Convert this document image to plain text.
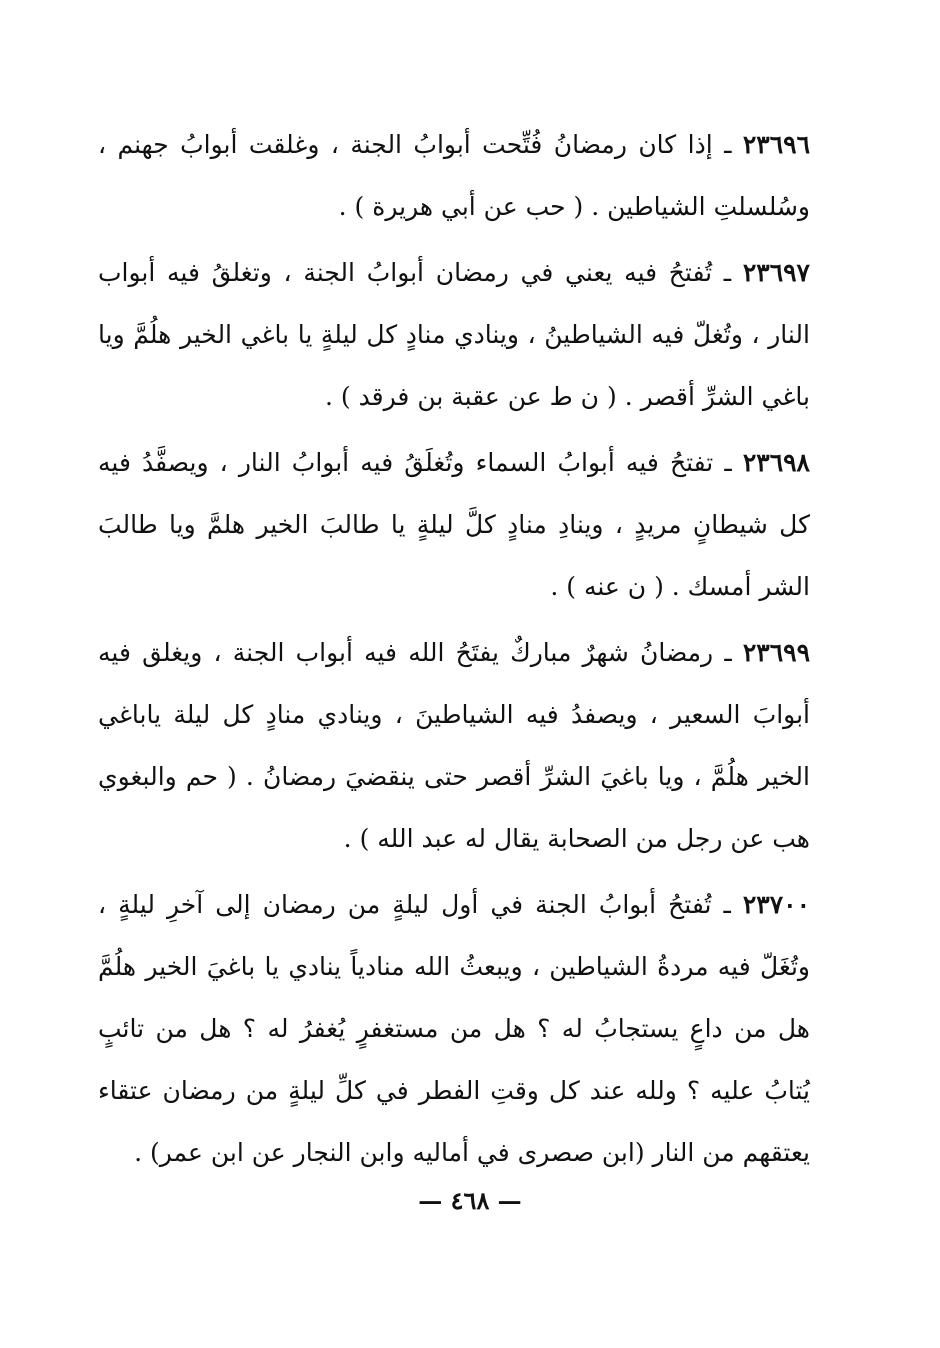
٢٣٦٩٦ ـ إذا كان رمضانُ فُتِّحت أبوابُ الجنة ، وغلقت أبوابُ جهنم ، وسُلسلتِ الشياطين . ( حب عن أبي هريرة ) .

٢٣٦٩٧ ـ تُفتحُ فيه يعني في رمضان أبوابُ الجنة ، وتغلقُ فيه أبواب النار ، وتُغلّ فيه الشياطينُ ، وينادي منادٍ كل ليلةٍ يا باغي الخير هلُمَّ ويا باغي الشرِّ أقصر . ( ن ط عن عقبة بن فرقد ) .

٢٣٦٩٨ ـ تفتحُ فيه أبوابُ السماء وتُغلَقُ فيه أبوابُ النار ، ويصفَّدُ فيه كل شيطانٍ مريدٍ ، وينادِ منادٍ كلَّ ليلةٍ يا طالبَ الخير هلمَّ ويا طالبَ الشر أمسك . ( ن عنه ) .

٢٣٦٩٩ ـ رمضانُ شهرٌ مباركٌ يفتَحُ الله فيه أبواب الجنة ، ويغلق فيه أبوابَ السعير ، ويصفدُ فيه الشياطينَ ، وينادي منادٍ كل ليلة ياباغي الخير هلُمَّ ، ويا باغيَ الشرِّ أقصر حتى ينقضيَ رمضانُ . ( حم والبغوي هب عن رجل من الصحابة يقال له عبد الله ) .

٢٣٧٠٠ ـ تُفتحُ أبوابُ الجنة في أول ليلةٍ من رمضان إلى آخرِ ليلةٍ ، وتُغَلّ فيه مردةُ الشياطين ، ويبعثُ الله منادياً ينادي يا باغيَ الخير هلُمَّ هل من داعٍ يستجابُ له ؟ هل من مستغفرٍ يُغفرُ له ؟ هل من تائبٍ يُتابُ عليه ؟ ولله عند كل وقتِ الفطر في كلِّ ليلةٍ من رمضان عتقاء يعتقهم من النار (ابن صصرى في أماليه وابن النجار عن ابن عمر) .

— ٤٦٨ —
